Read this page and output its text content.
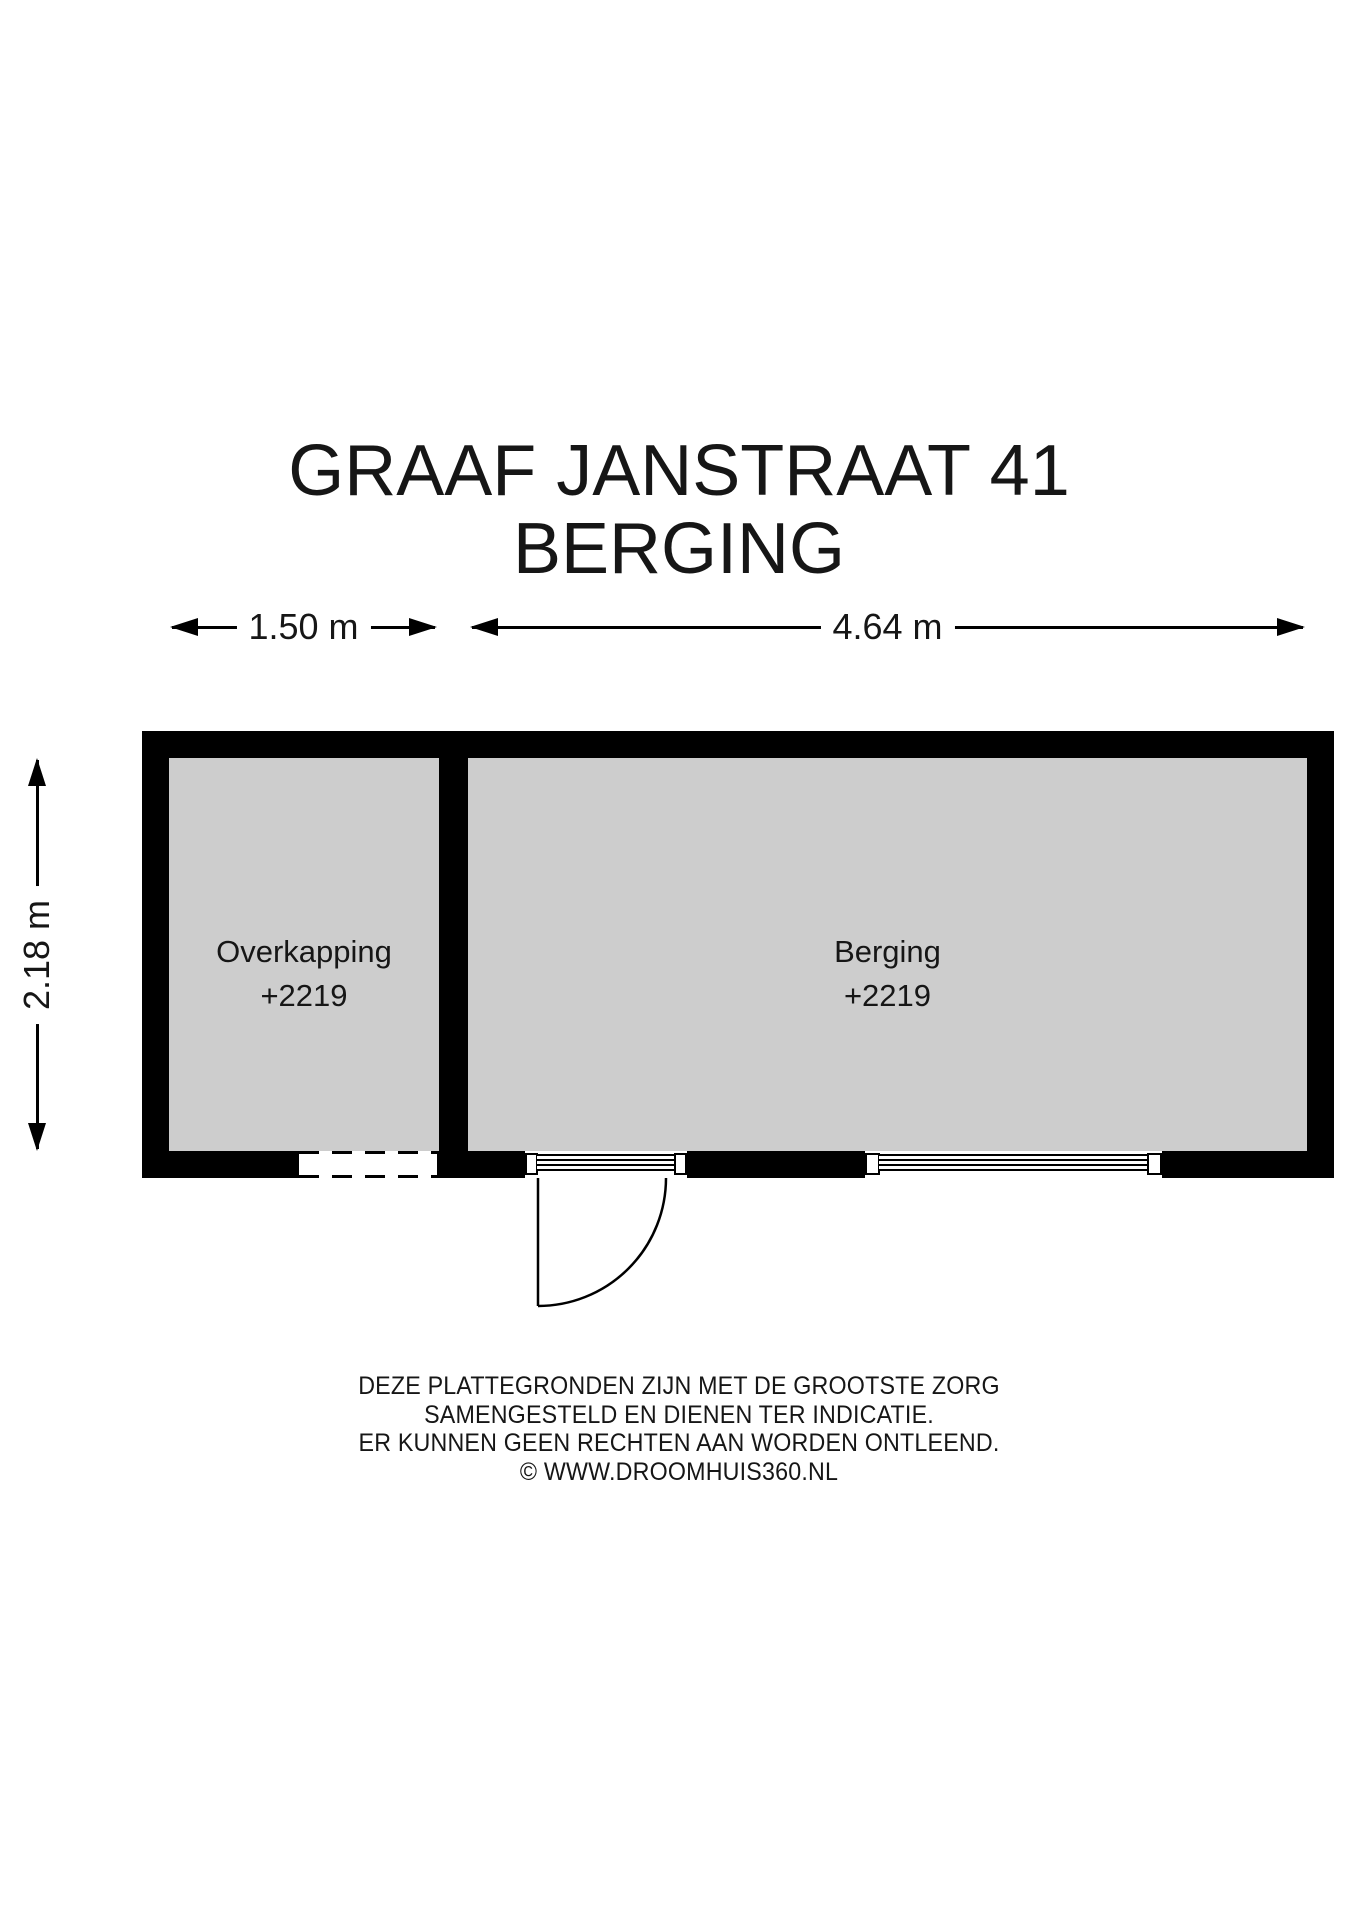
GRAAF JANSTRAAT 41
BERGING
1.50 m	4.64 m
2.18 m	Overkapping
+2219
Berging
+2219
DEZE PLATTEGRONDEN ZIJN MET DE GROOTSTE ZORG
SAMENGESTELD EN DIENEN TER INDICATIE.
ER KUNNEN GEEN RECHTEN AAN WORDEN ONTLEEND.
© WWW.DROOMHUIS360.NL
